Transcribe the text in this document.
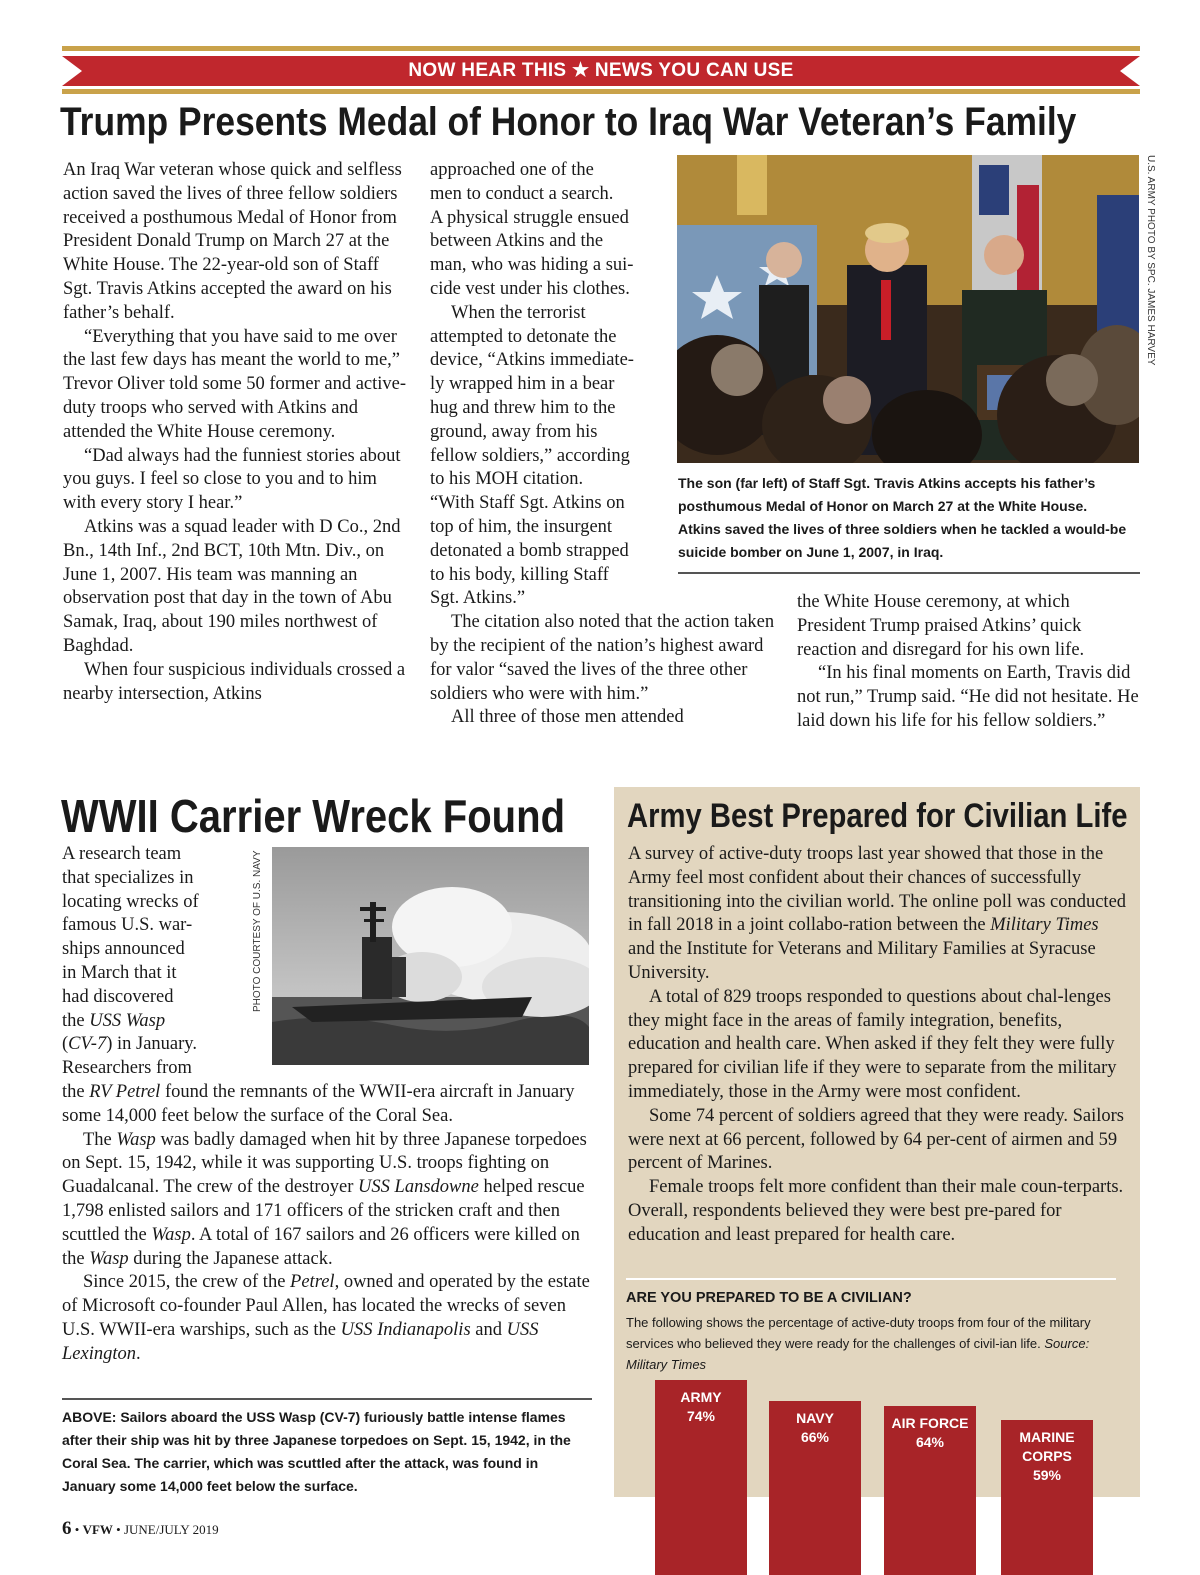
NOW HEAR THIS ★ NEWS YOU CAN USE
Trump Presents Medal of Honor to Iraq War Veteran’s Family

An Iraq War veteran whose quick and selfless action saved the lives of three fellow soldiers received a posthumous Medal of Honor from President Donald Trump on March 27 at the White House. The 22-year-old son of Staff Sgt. Travis Atkins accepted the award on his father’s behalf.

“Everything that you have said to me over the last few days has meant the world to me,” Trevor Oliver told some 50 former and active-duty troops who served with Atkins and attended the White House ceremony.

“Dad always had the funniest stories about you guys. I feel so close to you and to him with every story I hear.”

Atkins was a squad leader with D Co., 2nd Bn., 14th Inf., 2nd BCT, 10th Mtn. Div., on June 1, 2007. His team was manning an observation post that day in the town of Abu Samak, Iraq, about 190 miles northwest of Baghdad.

When four suspicious individuals crossed a nearby intersection, Atkins

approached one of the
men to conduct a search.
A physical struggle ensued
between Atkins and the
man, who was hiding a sui-
cide vest under his clothes.

When the terrorist
attempted to detonate the
device, “Atkins immediate-
ly wrapped him in a bear
hug and threw him to the
ground, away from his
fellow soldiers,” according
to his MOH citation.
“With Staff Sgt. Atkins on
top of him, the insurgent
detonated a bomb strapped
to his body, killing Staff
Sgt. Atkins.”

The citation also noted that the action taken by the recipient of the nation’s highest award for valor “saved the lives of the three other soldiers who were with him.”

All three of those men attended

U.S. ARMY PHOTO BY SPC. JAMES HARVEY
The son (far left) of Staff Sgt. Travis Atkins accepts his father’s
posthumous Medal of Honor on March 27 at the White House.
Atkins saved the lives of three soldiers when he tackled a would-be
suicide bomber on June 1, 2007, in Iraq.

the White House ceremony, at which President Trump praised Atkins’ quick reaction and disregard for his own life.

“In his final moments on Earth, Travis did not run,” Trump said. “He did not hesitate. He laid down his life for his fellow soldiers.”

WWII Carrier Wreck Found
PHOTO COURTESY OF U.S. NAVY

A research team
that specializes in
locating wrecks of
famous U.S. war-
ships announced
in March that it
had discovered
the USS Wasp
(CV-7) in January.
Researchers from

the RV Petrel found the remnants of the WWII-era aircraft in January some 14,000 feet below the surface of the Coral Sea.

The Wasp was badly damaged when hit by three Japanese torpedoes on Sept. 15, 1942, while it was supporting U.S. troops fighting on Guadalcanal. The crew of the destroyer USS Lansdowne helped rescue 1,798 enlisted sailors and 171 officers of the stricken craft and then scuttled the Wasp. A total of 167 sailors and 26 officers were killed on the Wasp during the Japanese attack.

Since 2015, the crew of the Petrel, owned and operated by the estate of Microsoft co-founder Paul Allen, has located the wrecks of seven U.S. WWII-era warships, such as the USS Indianapolis and USS Lexington.

ABOVE: Sailors aboard the USS Wasp (CV-7) furiously battle intense flames after their ship was hit by three Japanese torpedoes on Sept. 15, 1942, in the Coral Sea. The carrier, which was scuttled after the attack, was found in January some 14,000 feet below the surface.
Army Best Prepared for Civilian Life

A survey of active-duty troops last year showed that those in the Army feel most confident about their chances of successfully transitioning into the civilian world. The online poll was conducted in fall 2018 in a joint collabo-ration between the Military Times and the Institute for Veterans and Military Families at Syracuse University.

A total of 829 troops responded to questions about chal-lenges they might face in the areas of family integration, benefits, education and health care. When asked if they felt they were fully prepared for civilian life if they were to separate from the military immediately, those in the Army were most confident.

Some 74 percent of soldiers agreed that they were ready. Sailors were next at 66 percent, followed by 64 per-cent of airmen and 59 percent of Marines.

Female troops felt more confident than their male coun-terparts. Overall, respondents believed they were best pre-pared for education and least prepared for health care.

ARE YOU PREPARED TO BE A CIVILIAN?
The following shows the percentage of active-duty troops from four of the military services who believed they were ready for the challenges of civil-ian life. Source: Military Times
ARMY
74%	NAVY
66%
AIR FORCE
64%	MARINE
CORPS
59%
6 • VFW • JUNE/JULY 2019
